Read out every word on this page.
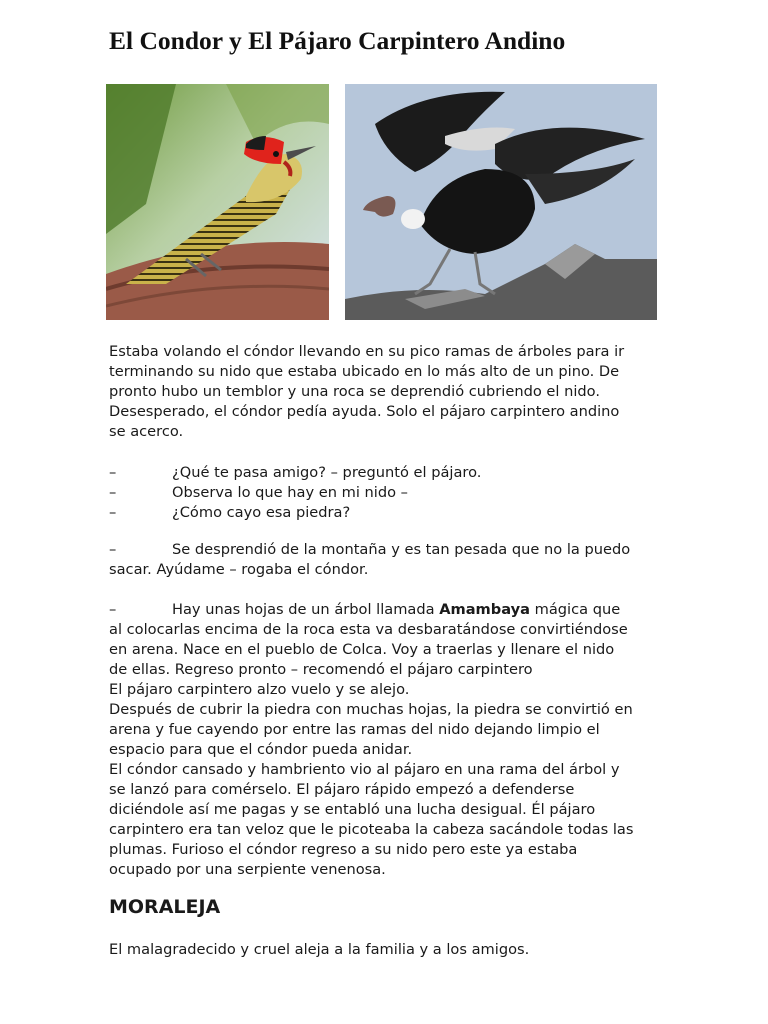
El Condor y El Pájaro Carpintero Andino
Estaba volando el cóndor llevando en su pico ramas de árboles para ir
terminando su nido que estaba ubicado en lo más alto de un pino. De
pronto hubo un temblor y una roca se deprendió cubriendo el nido.
Desesperado, el cóndor pedía ayuda. Solo el pájaro carpintero andino
se acerco.
–	¿Qué te pasa amigo? – preguntó el pájaro.
–	Observa lo que hay en mi nido –
–	¿Cómo cayo esa piedra?
–	Se desprendió de la montaña y es tan pesada que no la puedo
sacar. Ayúdame – rogaba el cóndor.
–	Hay unas hojas de un árbol llamada Amambaya mágica que
al colocarlas encima de la roca esta va desbaratándose convirtiéndose
en arena. Nace en el pueblo de Colca. Voy a traerlas y llenare el nido
de ellas. Regreso pronto – recomendó el pájaro carpintero
El pájaro carpintero alzo vuelo y se alejo.
Después de cubrir la piedra con muchas hojas, la piedra se convirtió en
arena y fue cayendo por entre las ramas del nido dejando limpio el
espacio para que el cóndor pueda anidar.
El cóndor cansado y hambriento vio al pájaro en una rama del árbol y
se lanzó para comérselo. El pájaro rápido empezó a defenderse
diciéndole así me pagas y se entabló una lucha desigual. Él pájaro
carpintero era tan veloz que le picoteaba la cabeza sacándole todas las
plumas. Furioso el cóndor regreso a su nido pero este ya estaba
ocupado por una serpiente venenosa.
MORALEJA
El malagradecido y cruel aleja a la familia y a los amigos.
